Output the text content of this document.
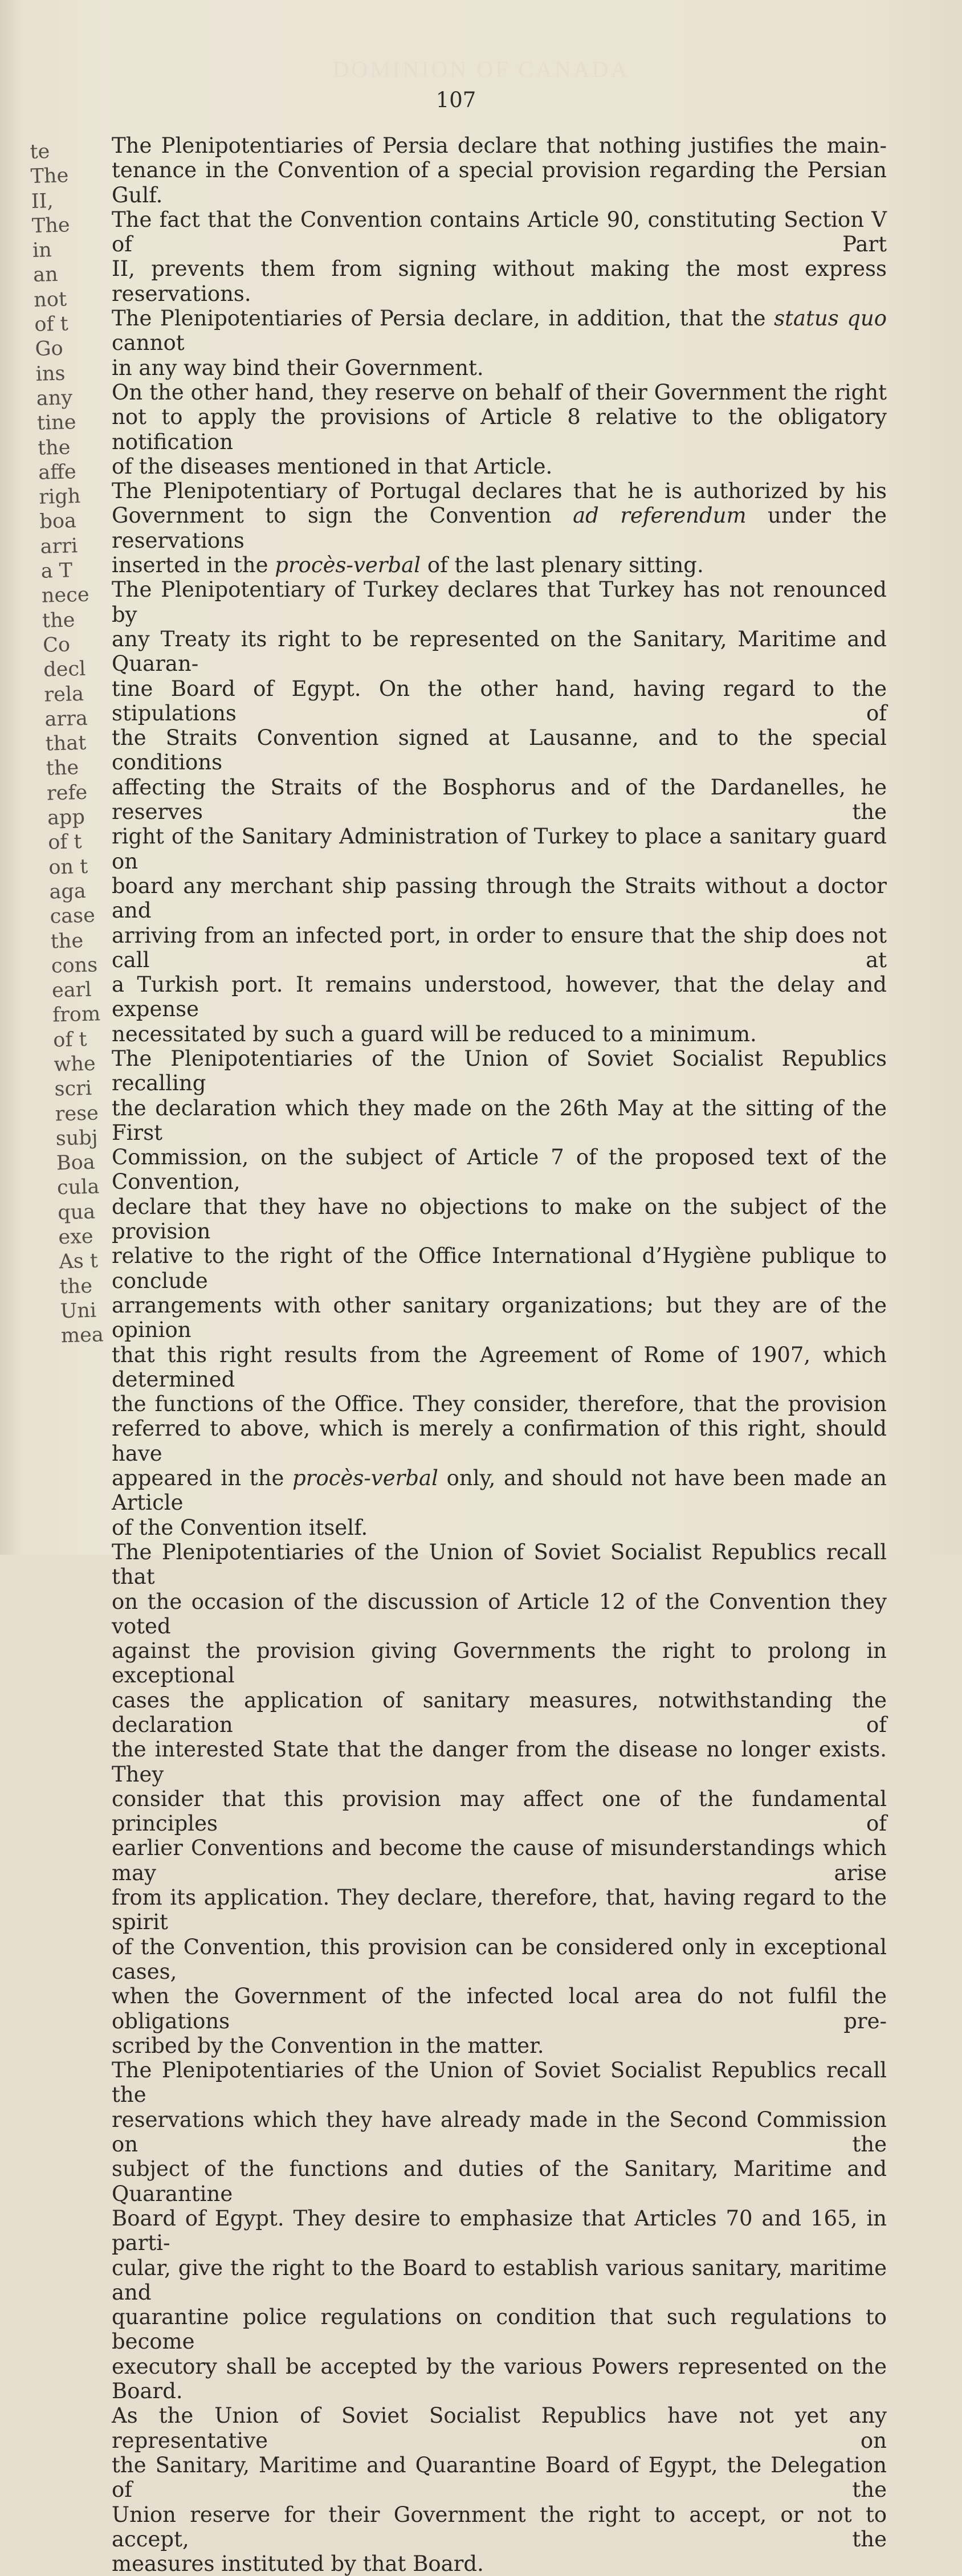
DOMINION OF CANADA
107
te
The
II,
The
in
an
not
of t
Go
ins
any
tine
the
affe
righ
boa
arri
a T
nece
the
Co
decl
rela
arra
that
the
refe
app
of t
on t
aga
case
the
cons
earl
from
of t
whe
scri
rese
subj
Boa
cula
qua
exe
As t
the
Uni
mea
The Plenipotentiaries of Persia declare that nothing justifies the main-
tenance in the Convention of a special provision regarding the Persian Gulf.
The fact that the Convention contains Article 90, constituting Section V of Part
II, prevents them from signing without making the most express reservations.
The Plenipotentiaries of Persia declare, in addition, that the status quo cannot
in any way bind their Government.
On the other hand, they reserve on behalf of their Government the right
not to apply the provisions of Article 8 relative to the obligatory notification
of the diseases mentioned in that Article.
The Plenipotentiary of Portugal declares that he is authorized by his
Government to sign the Convention ad referendum under the reservations
inserted in the procès-verbal of the last plenary sitting.
The Plenipotentiary of Turkey declares that Turkey has not renounced by
any Treaty its right to be represented on the Sanitary, Maritime and Quaran-
tine Board of Egypt. On the other hand, having regard to the stipulations of
the Straits Convention signed at Lausanne, and to the special conditions
affecting the Straits of the Bosphorus and of the Dardanelles, he reserves the
right of the Sanitary Administration of Turkey to place a sanitary guard on
board any merchant ship passing through the Straits without a doctor and
arriving from an infected port, in order to ensure that the ship does not call at
a Turkish port. It remains understood, however, that the delay and expense
necessitated by such a guard will be reduced to a minimum.
The Plenipotentiaries of the Union of Soviet Socialist Republics recalling
the declaration which they made on the 26th May at the sitting of the First
Commission, on the subject of Article 7 of the proposed text of the Convention,
declare that they have no objections to make on the subject of the provision
relative to the right of the Office International d’Hygiène publique to conclude
arrangements with other sanitary organizations; but they are of the opinion
that this right results from the Agreement of Rome of 1907, which determined
the functions of the Office. They consider, therefore, that the provision
referred to above, which is merely a confirmation of this right, should have
appeared in the procès-verbal only, and should not have been made an Article
of the Convention itself.
The Plenipotentiaries of the Union of Soviet Socialist Republics recall that
on the occasion of the discussion of Article 12 of the Convention they voted
against the provision giving Governments the right to prolong in exceptional
cases the application of sanitary measures, notwithstanding the declaration of
the interested State that the danger from the disease no longer exists. They
consider that this provision may affect one of the fundamental principles of
earlier Conventions and become the cause of misunderstandings which may arise
from its application. They declare, therefore, that, having regard to the spirit
of the Convention, this provision can be considered only in exceptional cases,
when the Government of the infected local area do not fulfil the obligations pre-
scribed by the Convention in the matter.
The Plenipotentiaries of the Union of Soviet Socialist Republics recall the
reservations which they have already made in the Second Commission on the
subject of the functions and duties of the Sanitary, Maritime and Quarantine
Board of Egypt. They desire to emphasize that Articles 70 and 165, in parti-
cular, give the right to the Board to establish various sanitary, maritime and
quarantine police regulations on condition that such regulations to become
executory shall be accepted by the various Powers represented on the Board.
As the Union of Soviet Socialist Republics have not yet any representative on
the Sanitary, Maritime and Quarantine Board of Egypt, the Delegation of the
Union reserve for their Government the right to accept, or not to accept, the
measures instituted by that Board.
